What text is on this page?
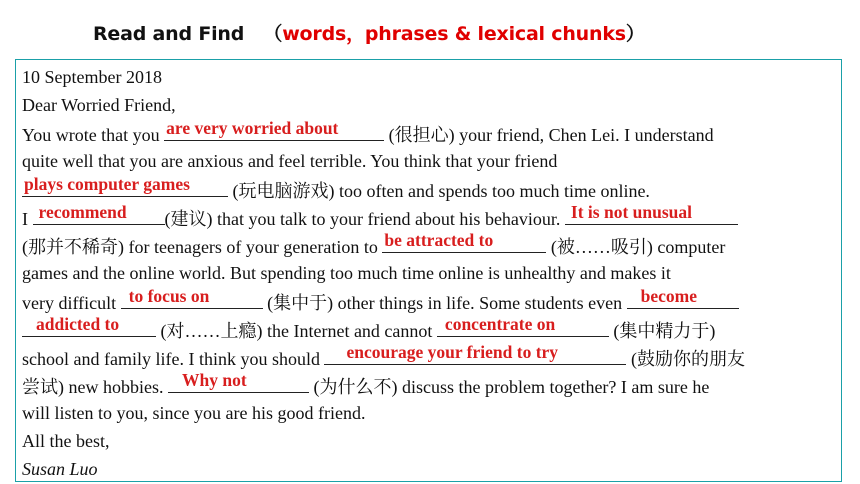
Read and Find   （words，phrases & lexical chunks）
10 September 2018
Dear Worried Friend,
You wrote that you are very worried about	(很担心) your friend, Chen Lei. I understand
quite well that you are anxious and feel terrible. You think that your friend
plays computer games (玩电脑游戏) too often and spends too much time online.
I recommend (建议) that you talk to your friend about his behaviour. It is not unusual
(那并不稀奇) for teenagers of your generation to be attracted to	(被……吸引) computer
games and the online world. But spending too much time online is unhealthy and makes it
very difficult to focus on	(集中于) other things in life. Some students even become
addicted to (对……上瘾) the Internet and cannot concentrate on	(集中精力于)
school and family life. I think you should encourage your friend to try	(鼓励你的朋友
尝试) new hobbies. Why not	(为什么不) discuss the problem together? I am sure he
will listen to you, since you are his good friend.
All the best,
Susan Luo
